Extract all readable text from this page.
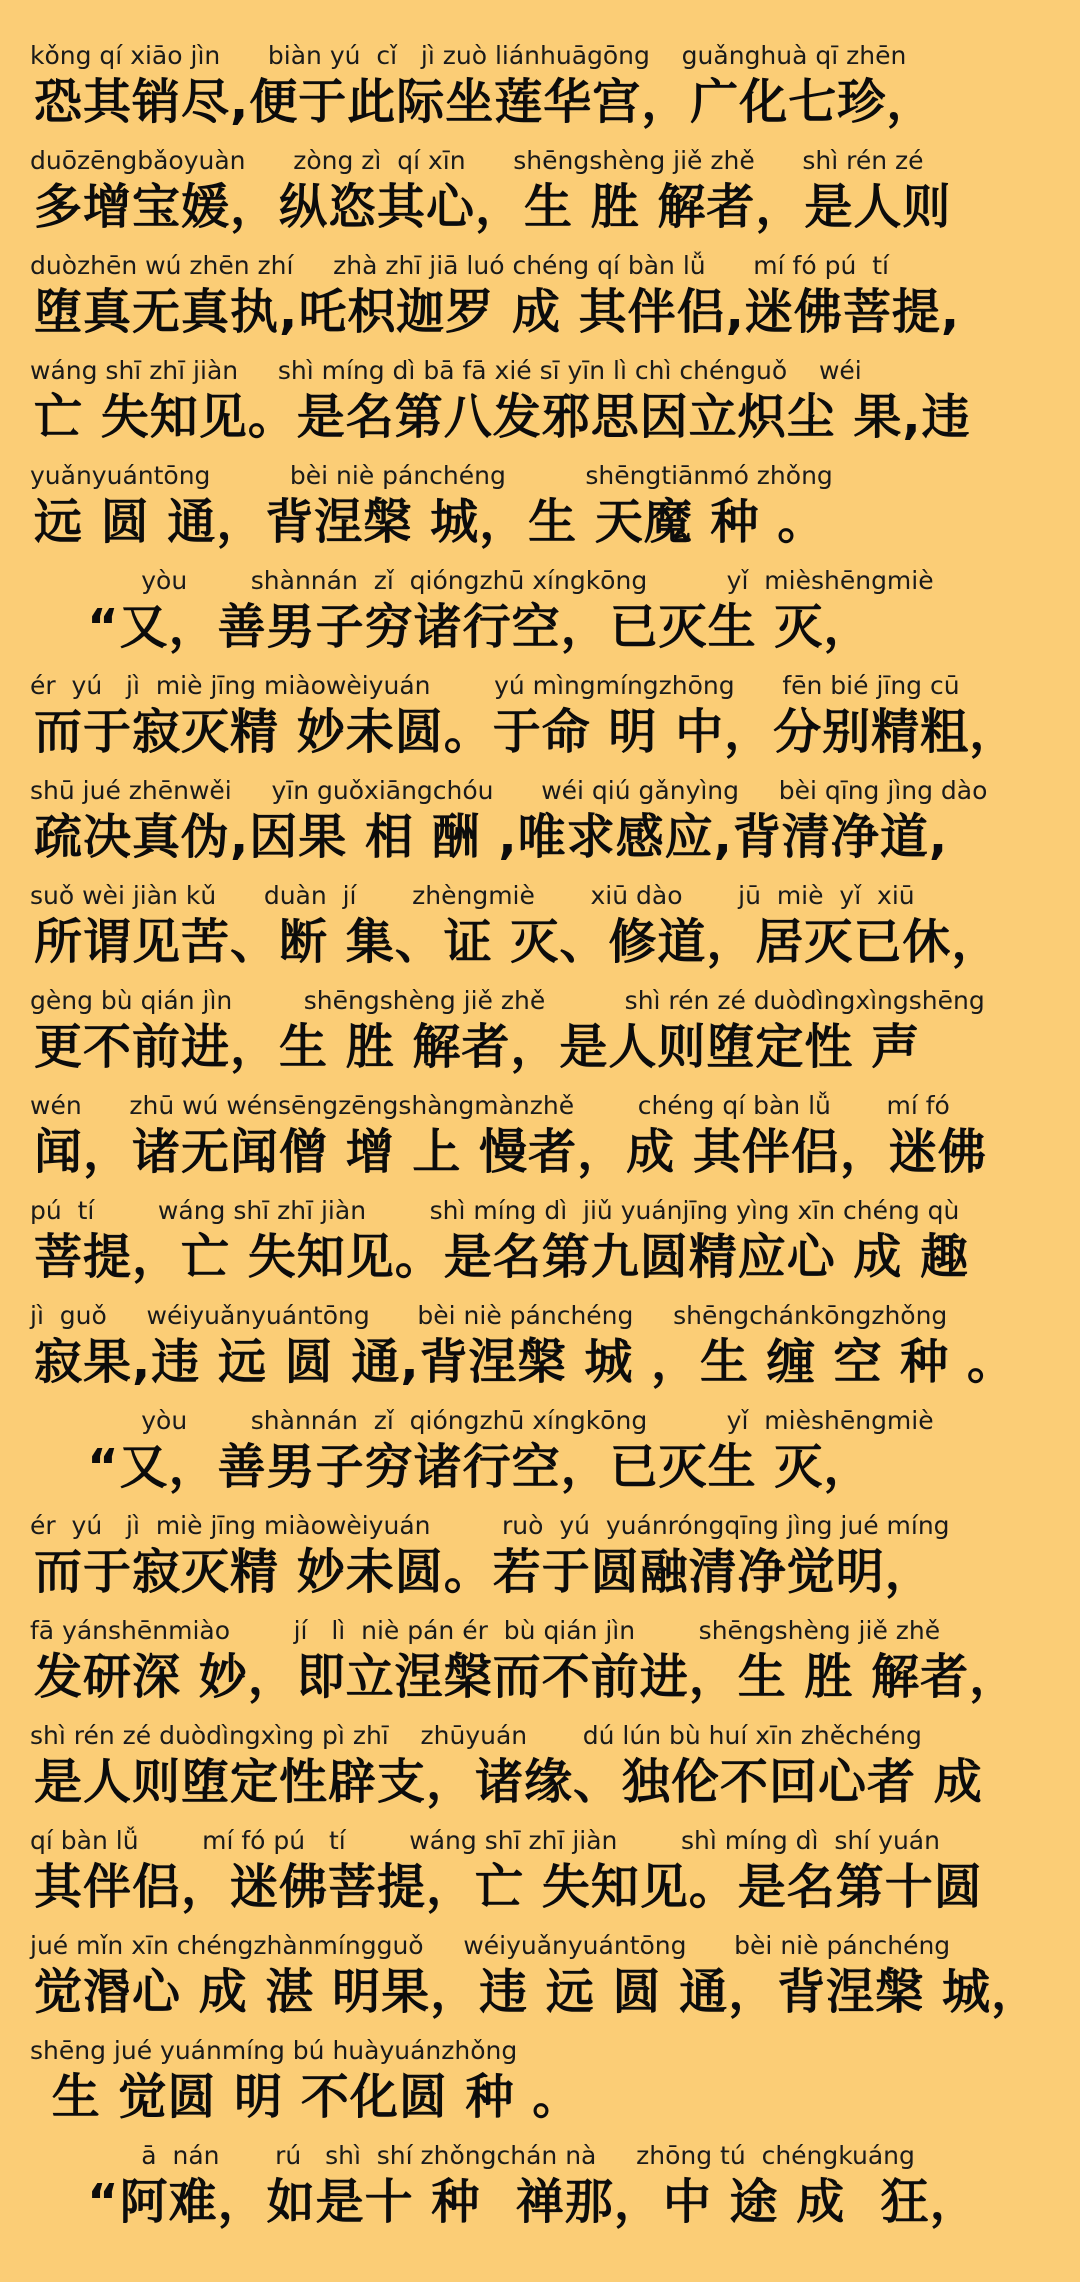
kǒng qí xiāo jìn      biàn yú  cǐ   jì zuò liánhuāgōng    guǎnghuà qī zhēn
恐其销尽,便于此际坐莲华宫，广化七珍，
duōzēngbǎoyuàn      zòng zì  qí xīn      shēngshèng jiě zhě      shì rén zé
多增宝媛，纵恣其心，生 胜 解者，是人则
duòzhēn wú zhēn zhí     zhà zhī jiā luó chéng qí bàn lǚ      mí fó pú  tí
堕真无真执,吒枳迦罗 成 其伴侣,迷佛菩提,
wáng shī zhī jiàn     shì míng dì bā fā xié sī yīn lì chì chénguǒ    wéi
亡 失知见。是名第八发邪思因立炽尘 果,违
yuǎnyuántōng          bèi niè pánchéng          shēngtiānmó zhǒng
远 圆 通，背涅槃 城，生 天魔 种 。
yòu        shànnán  zǐ  qióngzhū xíngkōng          yǐ  mièshēngmiè
“又，善男子穷诸行空，已灭生 灭，
ér  yú   jì  miè jīng miàowèiyuán        yú mìngmíngzhōng      fēn bié jīng cū
而于寂灭精 妙未圆。于命 明 中，分别精粗，
shū jué zhēnwěi     yīn guǒxiāngchóu      wéi qiú gǎnyìng     bèi qīng jìng dào
疏决真伪,因果 相 酬 ,唯求感应,背清净道,
suǒ wèi jiàn kǔ      duàn  jí       zhèngmiè       xiū dào       jū  miè  yǐ  xiū
所谓见苦、断 集、证 灭、修道，居灭已休，
gèng bù qián jìn         shēngshèng jiě zhě          shì rén zé duòdìngxìngshēng
更不前进，生 胜 解者，是人则堕定性 声
wén      zhū wú wénsēngzēngshàngmànzhě        chéng qí bàn lǚ       mí fó
闻，诸无闻僧 增 上 慢者，成 其伴侣，迷佛
pú  tí        wáng shī zhī jiàn        shì míng dì  jiǔ yuánjīng yìng xīn chéng qù
菩提，亡 失知见。是名第九圆精应心 成 趣
jì  guǒ     wéiyuǎnyuántōng      bèi niè pánchéng     shēngchánkōngzhǒng
寂果,违 远 圆 通,背涅槃 城 ，生 缠 空 种 。
yòu        shànnán  zǐ  qióngzhū xíngkōng          yǐ  mièshēngmiè
“又，善男子穷诸行空，已灭生 灭，
ér  yú   jì  miè jīng miàowèiyuán         ruò  yú  yuánróngqīng jìng jué míng
而于寂灭精 妙未圆。若于圆融清净觉明，
fā yánshēnmiào        jí   lì  niè pán ér  bù qián jìn        shēngshèng jiě zhě
发研深 妙，即立涅槃而不前进，生 胜 解者，
shì rén zé duòdìngxìng pì zhī    zhūyuán       dú lún bù huí xīn zhěchéng
是人则堕定性辟支，诸缘、独伦不回心者 成
qí bàn lǚ        mí fó pú   tí        wáng shī zhī jiàn        shì míng dì  shí yuán
其伴侣，迷佛菩提，亡 失知见。是名第十圆
jué mǐn xīn chéngzhànmíngguǒ     wéiyuǎnyuántōng      bèi niè pánchéng
觉湣心 成 湛 明果，违 远 圆 通，背涅槃 城，
shēng jué yuánmíng bú huàyuánzhǒng
生 觉圆 明 不化圆 种 。
ā  nán       rú   shì  shí zhǒngchán nà     zhōng tú  chéngkuáng
“阿难，如是十 种  禅那，中 途 成  狂，
